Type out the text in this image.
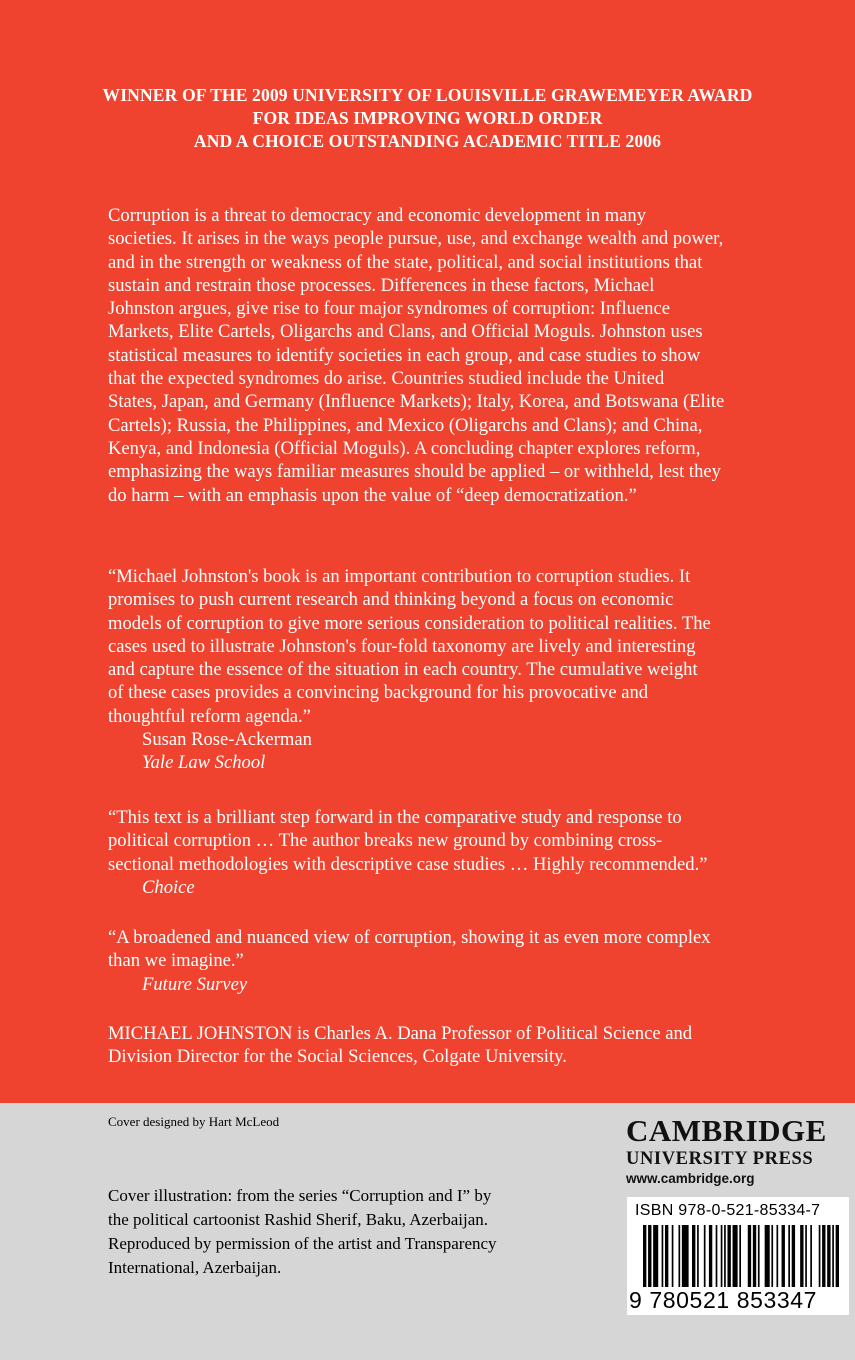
WINNER OF THE 2009 UNIVERSITY OF LOUISVILLE GRAWEMEYER AWARD
FOR IDEAS IMPROVING WORLD ORDER
AND A CHOICE OUTSTANDING ACADEMIC TITLE 2006
Corruption is a threat to democracy and economic development in many
societies. It arises in the ways people pursue, use, and exchange wealth and power,
and in the strength or weakness of the state, political, and social institutions that
sustain and restrain those processes. Differences in these factors, Michael
Johnston argues, give rise to four major syndromes of corruption: Influence
Markets, Elite Cartels, Oligarchs and Clans, and Official Moguls. Johnston uses
statistical measures to identify societies in each group, and case studies to show
that the expected syndromes do arise. Countries studied include the United
States, Japan, and Germany (Influence Markets); Italy, Korea, and Botswana (Elite
Cartels); Russia, the Philippines, and Mexico (Oligarchs and Clans); and China,
Kenya, and Indonesia (Official Moguls). A concluding chapter explores reform,
emphasizing the ways familiar measures should be applied – or withheld, lest they
do harm – with an emphasis upon the value of “deep democratization.”
“Michael Johnston's book is an important contribution to corruption studies. It
promises to push current research and thinking beyond a focus on economic
models of corruption to give more serious consideration to political realities. The
cases used to illustrate Johnston's four-fold taxonomy are lively and interesting
and capture the essence of the situation in each country. The cumulative weight
of these cases provides a convincing background for his provocative and
thoughtful reform agenda.”
Susan Rose-Ackerman
Yale Law School
“This text is a brilliant step forward in the comparative study and response to
political corruption … The author breaks new ground by combining cross-
sectional methodologies with descriptive case studies … Highly recommended.”
Choice
“A broadened and nuanced view of corruption, showing it as even more complex
than we imagine.”
Future Survey
MICHAEL JOHNSTON is Charles A. Dana Professor of Political Science and
Division Director for the Social Sciences, Colgate University.
Cover designed by Hart McLeod
Cover illustration: from the series “Corruption and I” by
the political cartoonist Rashid Sherif, Baku, Azerbaijan.
Reproduced by permission of the artist and Transparency
International, Azerbaijan.
CAMBRIDGE
UNIVERSITY PRESS
www.cambridge.org
ISBN 978-0-521-85334-7
9 780521 853347
